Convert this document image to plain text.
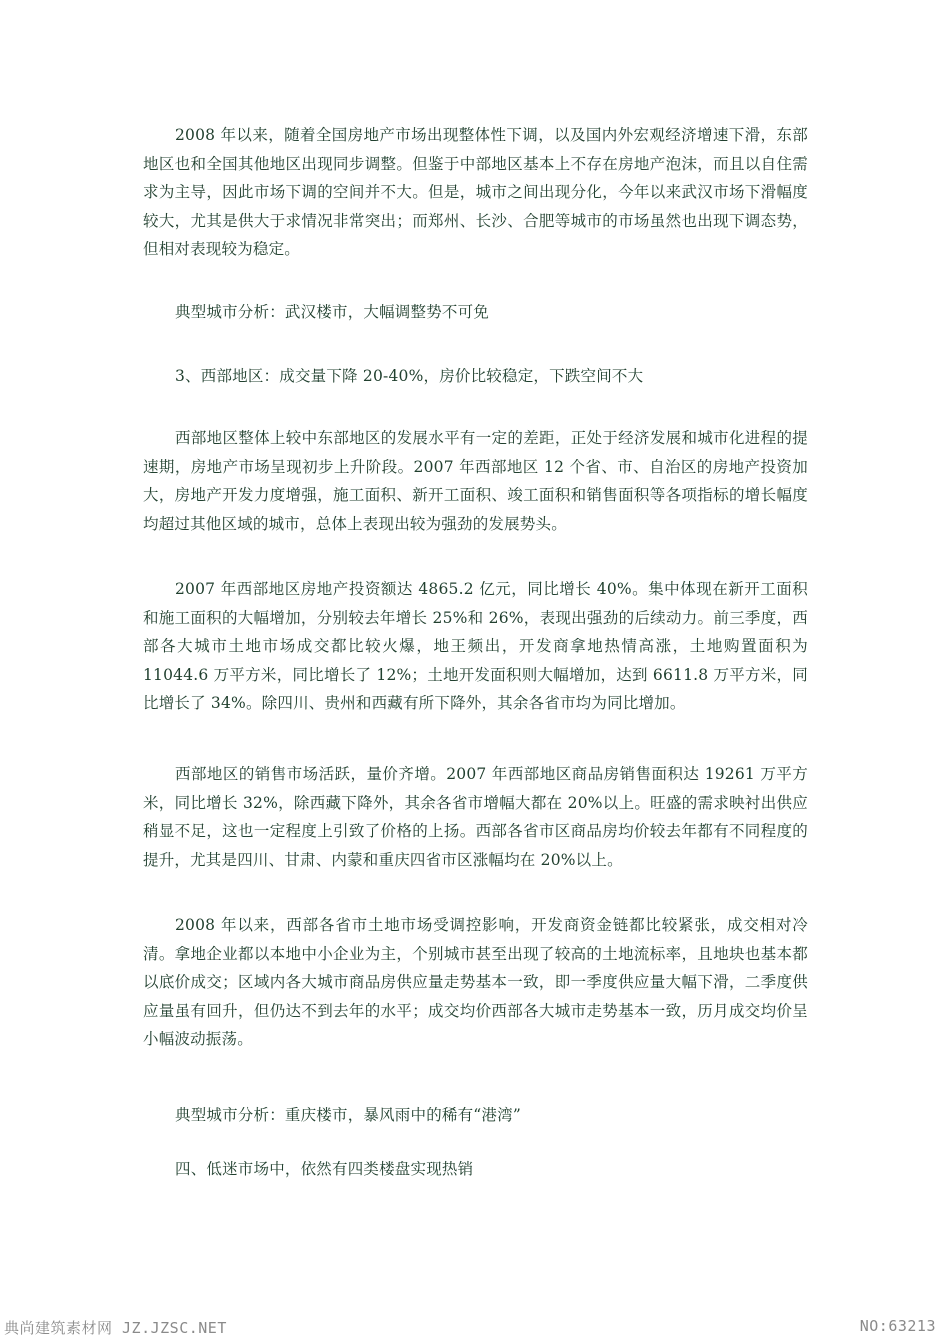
2008 年以来，随着全国房地产市场出现整体性下调，以及国内外宏观经济增速下滑，东部地区也和全国其他地区出现同步调整。但鉴于中部地区基本上不存在房地产泡沫，而且以自住需求为主导，因此市场下调的空间并不大。但是，城市之间出现分化，今年以来武汉市场下滑幅度较大，尤其是供大于求情况非常突出；而郑州、长沙、合肥等城市的市场虽然也出现下调态势，但相对表现较为稳定。

典型城市分析：武汉楼市，大幅调整势不可免

3、西部地区：成交量下降 20-40%，房价比较稳定，下跌空间不大

西部地区整体上较中东部地区的发展水平有一定的差距，正处于经济发展和城市化进程的提速期，房地产市场呈现初步上升阶段。2007 年西部地区 12 个省、市、自治区的房地产投资加大，房地产开发力度增强，施工面积、新开工面积、竣工面积和销售面积等各项指标的增长幅度均超过其他区域的城市，总体上表现出较为强劲的发展势头。

2007 年西部地区房地产投资额达 4865.2 亿元，同比增长 40%。集中体现在新开工面积和施工面积的大幅增加，分别较去年增长 25%和 26%，表现出强劲的后续动力。前三季度，西部各大城市土地市场成交都比较火爆，地王频出，开发商拿地热情高涨，土地购置面积为 11044.6 万平方米，同比增长了 12%；土地开发面积则大幅增加，达到 6611.8 万平方米，同比增长了 34%。除四川、贵州和西藏有所下降外，其余各省市均为同比增加。

西部地区的销售市场活跃，量价齐增。2007 年西部地区商品房销售面积达 19261 万平方米，同比增长 32%，除西藏下降外，其余各省市增幅大都在 20%以上。旺盛的需求映衬出供应稍显不足，这也一定程度上引致了价格的上扬。西部各省市区商品房均价较去年都有不同程度的提升，尤其是四川、甘肃、内蒙和重庆四省市区涨幅均在 20%以上。

2008 年以来，西部各省市土地市场受调控影响，开发商资金链都比较紧张，成交相对冷清。拿地企业都以本地中小企业为主，个别城市甚至出现了较高的土地流标率，且地块也基本都以底价成交；区域内各大城市商品房供应量走势基本一致，即一季度供应量大幅下滑，二季度供应量虽有回升，但仍达不到去年的水平；成交均价西部各大城市走势基本一致，历月成交均价呈小幅波动振荡。

典型城市分析：重庆楼市，暴风雨中的稀有“港湾”

四、低迷市场中，依然有四类楼盘实现热销

典尚建筑素材网 JZ.JZSC.NET	NO:63213
